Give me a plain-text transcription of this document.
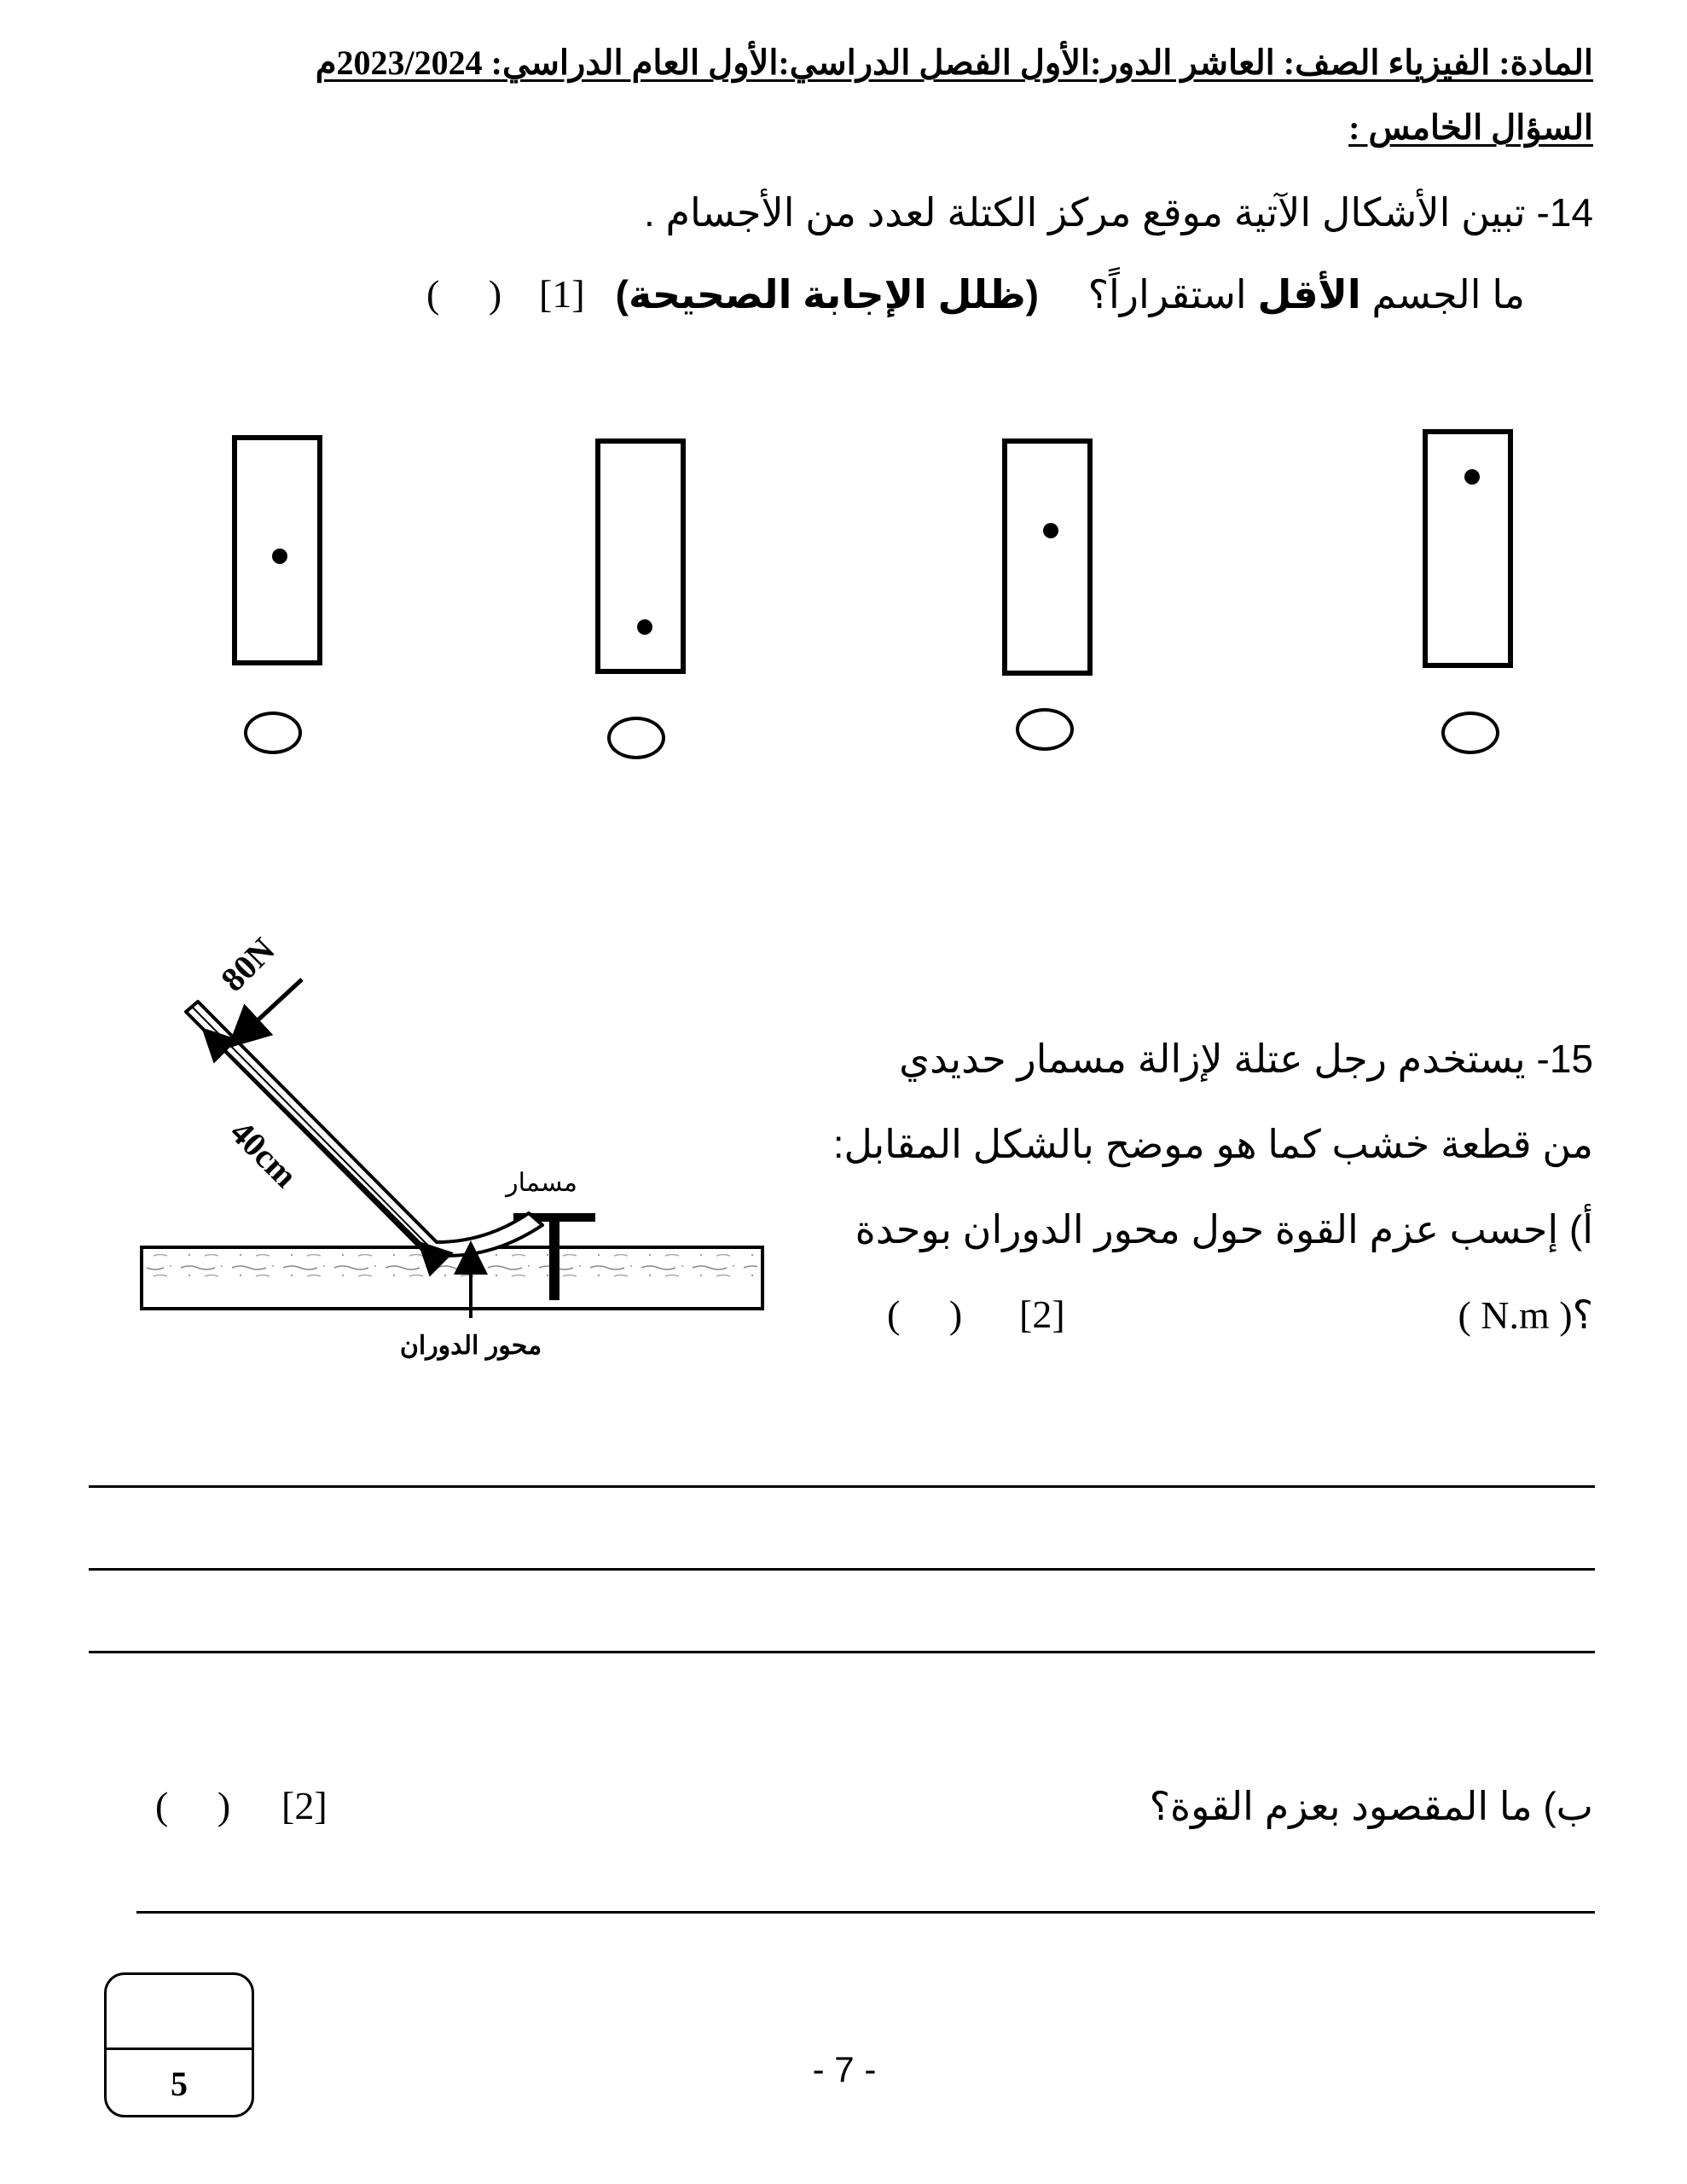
المادة: الفيزياء الصف: العاشر الدور:الأول الفصل الدراسي:الأول العام الدراسي: 2023/2024م
السؤال الخامس :
14- تبين الأشكال الآتية موقع مركز الكتلة لعدد من الأجسام .
ما الجسم الأقل استقراراً؟
(ظلل الإجابة الصحيحة)
[1]
(     )
80N
40cm	مسمار
محور الدوران
15- يستخدم رجل عتلة لإزالة مسمار حديدي
من قطعة خشب كما هو موضح بالشكل المقابل:
أ) إحسب عزم القوة حول محور الدوران بوحدة
( N.m )؟
[2]
(     )
ب) ما المقصود بعزم القوة؟
[2]
(     )
5	- 7 -
